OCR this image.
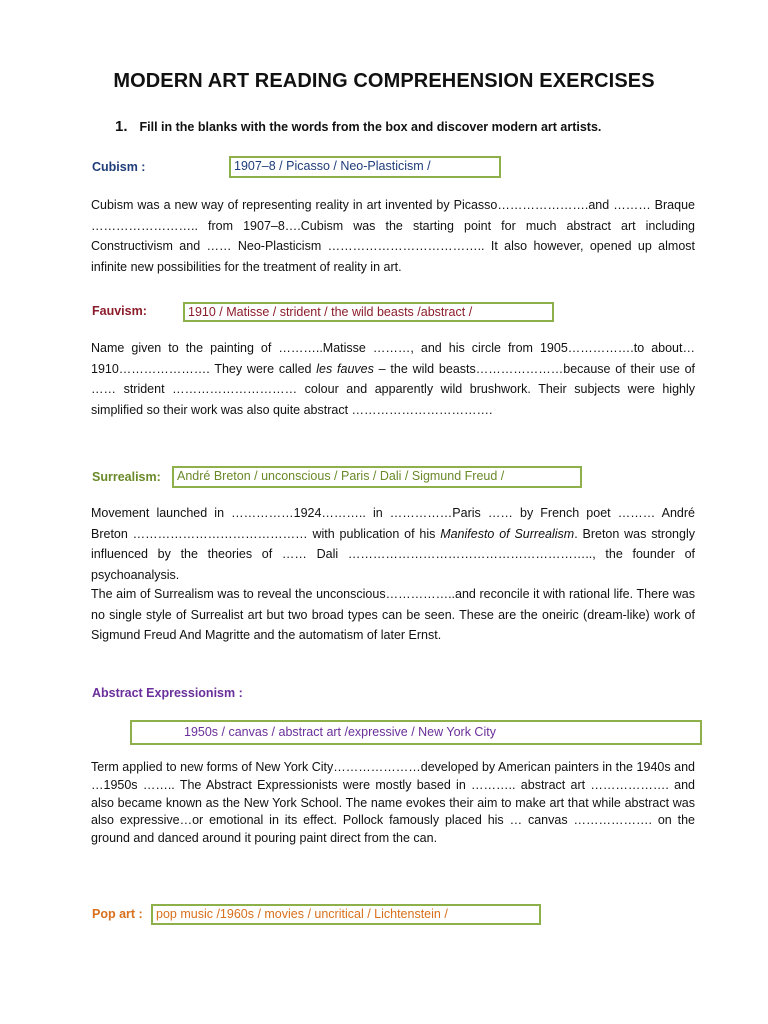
MODERN ART READING COMPREHENSION EXERCISES
1. Fill in the blanks with the words from the box and discover modern art artists.
Cubism :	1907–8 / Picasso / Neo-Plasticism /

Cubism was a new way of representing reality in art invented by Picasso………………….and ……… Braque …………………….. from 1907–8….Cubism was the starting point for much abstract art including Constructivism and …… Neo-Plasticism ……………………………….. It also however, opened up almost infinite new possibilities for the treatment of reality in art.

Fauvism:	1910 / Matisse / strident / the wild beasts /abstract /

Name given to the painting of ………..Matisse ………, and his circle from 1905…………….to about…1910…………………. They were called les fauves – the wild beasts…………………because of their use of …… strident ………………………… colour and apparently wild brushwork. Their subjects were highly simplified so their work was also quite abstract …………………………….

Surrealism:	André Breton / unconscious / Paris / Dali / Sigmund Freud /

Movement launched in ……………1924……….. in ……………Paris …… by French poet ……… André Breton …………………………………… with publication of his Manifesto of Surrealism. Breton was strongly influenced by the theories of …… Dali ………………………………………………….., the founder of psychoanalysis.

The aim of Surrealism was to reveal the unconscious……………..and reconcile it with rational life. There was no single style of Surrealist art but two broad types can be seen. These are the oneiric (dream-like) work of Sigmund Freud And Magritte and the automatism of later Ernst.

Abstract Expressionism :
1950s / canvas / abstract art /expressive / New York City

Term applied to new forms of New York City…………………developed by American painters in the 1940s and …1950s …….. The Abstract Expressionists were mostly based in ……….. abstract art ………………. and also became known as the New York School. The name evokes their aim to make art that while abstract was also expressive…or emotional in its effect. Pollock famously placed his … canvas ………………. on the ground and danced around it pouring paint direct from the can.

Pop art :	pop music /1960s / movies / uncritical / Lichtenstein /
